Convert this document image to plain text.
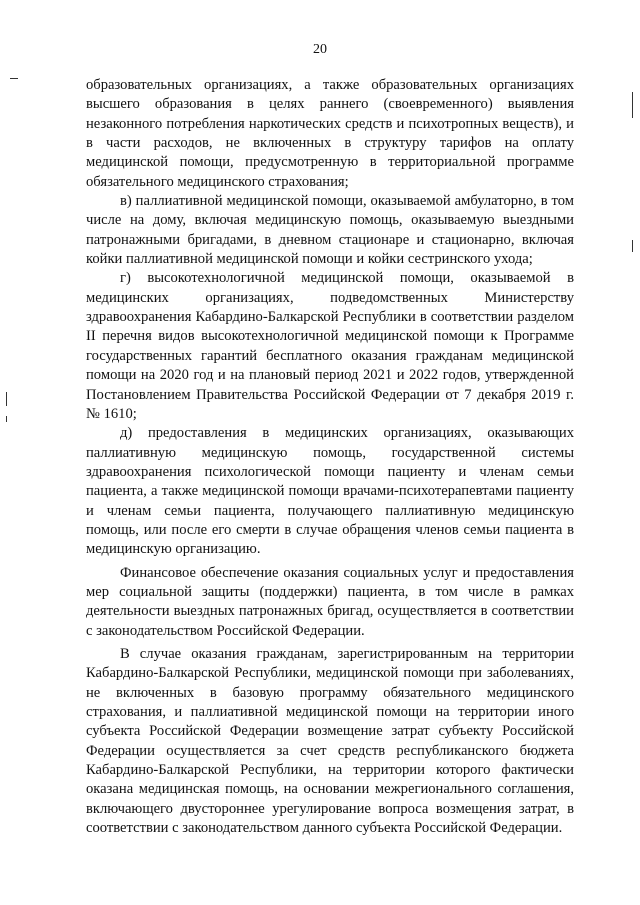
20

образовательных организациях, а также образовательных организациях высшего образования в целях раннего (своевременного) выявления незаконного потребления наркотических средств и психотропных веществ), и в части расходов, не включенных в структуру тарифов на оплату медицинской помощи, предусмотренную в территориальной программе обязательного медицинского страхования;

в) паллиативной медицинской помощи, оказываемой амбулаторно, в том числе на дому, включая медицинскую помощь, оказываемую выездными патронажными бригадами, в дневном стационаре и стационарно, включая койки паллиативной медицинской помощи и койки сестринского ухода;

г) высокотехнологичной медицинской помощи, оказываемой в медицинских организациях, подведомственных Министерству здравоохранения Кабардино-Балкарской Республики в соответствии разделом II перечня видов высокотехнологичной медицинской помощи к Программе государственных гарантий бесплатного оказания гражданам медицинской помощи на 2020 год и на плановый период 2021 и 2022 годов, утвержденной Постановлением Правительства Российской Федерации от 7 декабря 2019 г. № 1610;

д) предоставления в медицинских организациях, оказывающих паллиативную медицинскую помощь, государственной системы здравоохранения психологической помощи пациенту и членам семьи пациента, а также медицинской помощи врачами-психотерапевтами пациенту и членам семьи пациента, получающего паллиативную медицинскую помощь, или после его смерти в случае обращения членов семьи пациента в медицинскую организацию.

Финансовое обеспечение оказания социальных услуг и предоставления мер социальной защиты (поддержки) пациента, в том числе в рамках деятельности выездных патронажных бригад, осуществляется в соответствии с законодательством Российской Федерации.

В случае оказания гражданам, зарегистрированным на территории Кабардино-Балкарской Республики, медицинской помощи при заболеваниях, не включенных в базовую программу обязательного медицинского страхования, и паллиативной медицинской помощи на территории иного субъекта Российской Федерации возмещение затрат субъекту Российской Федерации осуществляется за счет средств республиканского бюджета Кабардино-Балкарской Республики, на территории которого фактически оказана медицинская помощь, на основании межрегионального соглашения, включающего двустороннее урегулирование вопроса возмещения затрат, в соответствии с законодательством данного субъекта Российской Федерации.
